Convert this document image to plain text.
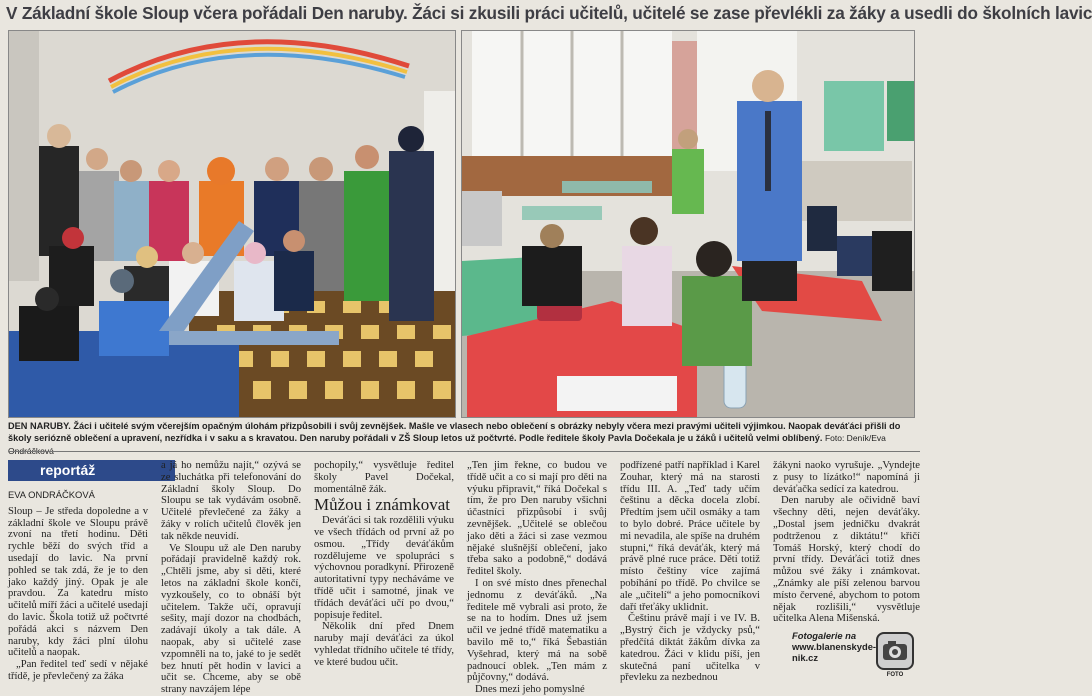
V Základní škole Sloup včera pořádali Den naruby. Žáci si zkusili práci učitelů, učitelé se zase převlékli za žáky a usedli do školních lavic
DEN NARUBY. Žáci i učitelé svým včerejším opačným úlohám přizpůsobili i svůj zevnějšek. Mašle ve vlasech nebo oblečení s obrázky nebyly včera mezi pravými učiteli výjimkou. Naopak deváťáci přišli do školy seriózně oblečení a upravení, nezřídka i v saku a s kravatou. Den naruby pořádali v ZŠ Sloup letos už počtvrté. Podle ředitele školy Pavla Dočekala je u žáků i učitelů velmi oblíbený. Foto: Deník/Eva Ondráčková
reportáž
EVA ONDRÁČKOVÁ

Sloup – Je středa dopoledne a v základní škole ve Sloupu právě zvoní na třetí hodinu. Děti rychle běží do svých tříd a usedají do lavic. Na první pohled se tak zdá, že je to den jako každý jiný. Opak je ale pravdou. Za katedru místo učitelů míří žáci a učitelé usedají do lavic. Škola totiž už počtvrté pořádá akci s názvem Den naruby, kdy žáci plní úlohu učitelů a naopak.

„Pan ředitel teď sedí v nějaké třídě, je převlečený za žáka

a já ho nemůžu najít,“ ozývá se ze sluchátka při telefonování do Základní školy Sloup. Do Sloupu se tak vydávám osobně. Učitelé převlečené za žáky a žáky v rolích učitelů člověk jen tak někde neuvidí.

Ve Sloupu už ale Den naruby pořádají pravidelně každý rok. „Chtěli jsme, aby si děti, které letos na základní škole končí, vyzkoušely, co to obnáší být učitelem. Takže učí, opravují sešity, mají dozor na chodbách, zadávají úkoly a tak dále. A naopak, aby si učitelé zase vzpomněli na to, jaké to je sedět bez hnutí pět hodin v lavici a učit se. Chceme, aby se obě strany navzájem lépe

pochopily,“ vysvětluje ředitel školy Pavel Dočekal, momentálně žák.

Můžou i známkovat

Deváťáci si tak rozdělili výuku ve všech třídách od první až po osmou. „Třídy deváťákům rozdělujeme ve spolupráci s výchovnou poradkyní. Přirozeně autoritativní typy necháváme ve třídě učit i samotné, jinak ve třídách deváťáci učí po dvou,“ popisuje ředitel.

Několik dní před Dnem naruby mají deváťáci za úkol vyhledat třídního učitele té třídy, ve které budou učit.

„Ten jim řekne, co budou ve třídě učit a co si mají pro děti na výuku připravit,“ říká Dočekal s tím, že pro Den naruby všichni účastníci přizpůsobí i svůj zevnějšek. „Učitelé se oblečou jako děti a žáci si zase vezmou nějaké slušnější oblečení, jako třeba sako a podobně,“ dodává ředitel školy.

I on své místo dnes přenechal jednomu z deváťáků. „Na ředitele mě vybrali asi proto, že se na to hodím. Dnes už jsem učil ve jedné třídě matematiku a bavilo mě to,“ říká Šebastián Vyšehrad, který má na sobě padnoucí oblek. „Ten mám z půjčovny,“ dodává.

Dnes mezi jeho pomyslné

podřízené patří například i Karel Zouhar, který má na starosti třídu III. A. „Teď tady učím češtinu a děcka docela zlobí. Předtím jsem učil osmáky a tam to bylo dobré. Práce učitele by mi nevadila, ale spíše na druhém stupni,“ říká deváťák, který má právě plné ruce práce. Děti totiž místo češtiny více zajímá pobíhání po třídě. Po chvilce se ale „učitelí“ a jeho pomocníkovi daří třeťáky uklidnit.

Češtinu právě mají i ve IV. B. „Bystrý čich je vždycky psů,“ předčítá diktát žákům dívka za katedrou. Žáci v klidu píší, jen skutečná paní učitelka v převleku za nezbednou

žákyni naoko vyrušuje. „Vyndejte z pusy to lízátko!“ napomíná ji deváťačka sedící za katedrou.

Den naruby ale očividně baví všechny děti, nejen deváťáky. „Dostal jsem jedničku dvakrát podtrženou z diktátu!“ křičí Tomáš Horský, který chodí do první třídy. Deváťáci totiž dnes můžou své žáky i známkovat. „Známky ale píší zelenou barvou místo červené, abychom to potom nějak rozlišili,“ vysvětluje učitelka Alena Mišenská.

Fotogalerie na
www.blanenskyde-
nik.cz
FOTO
